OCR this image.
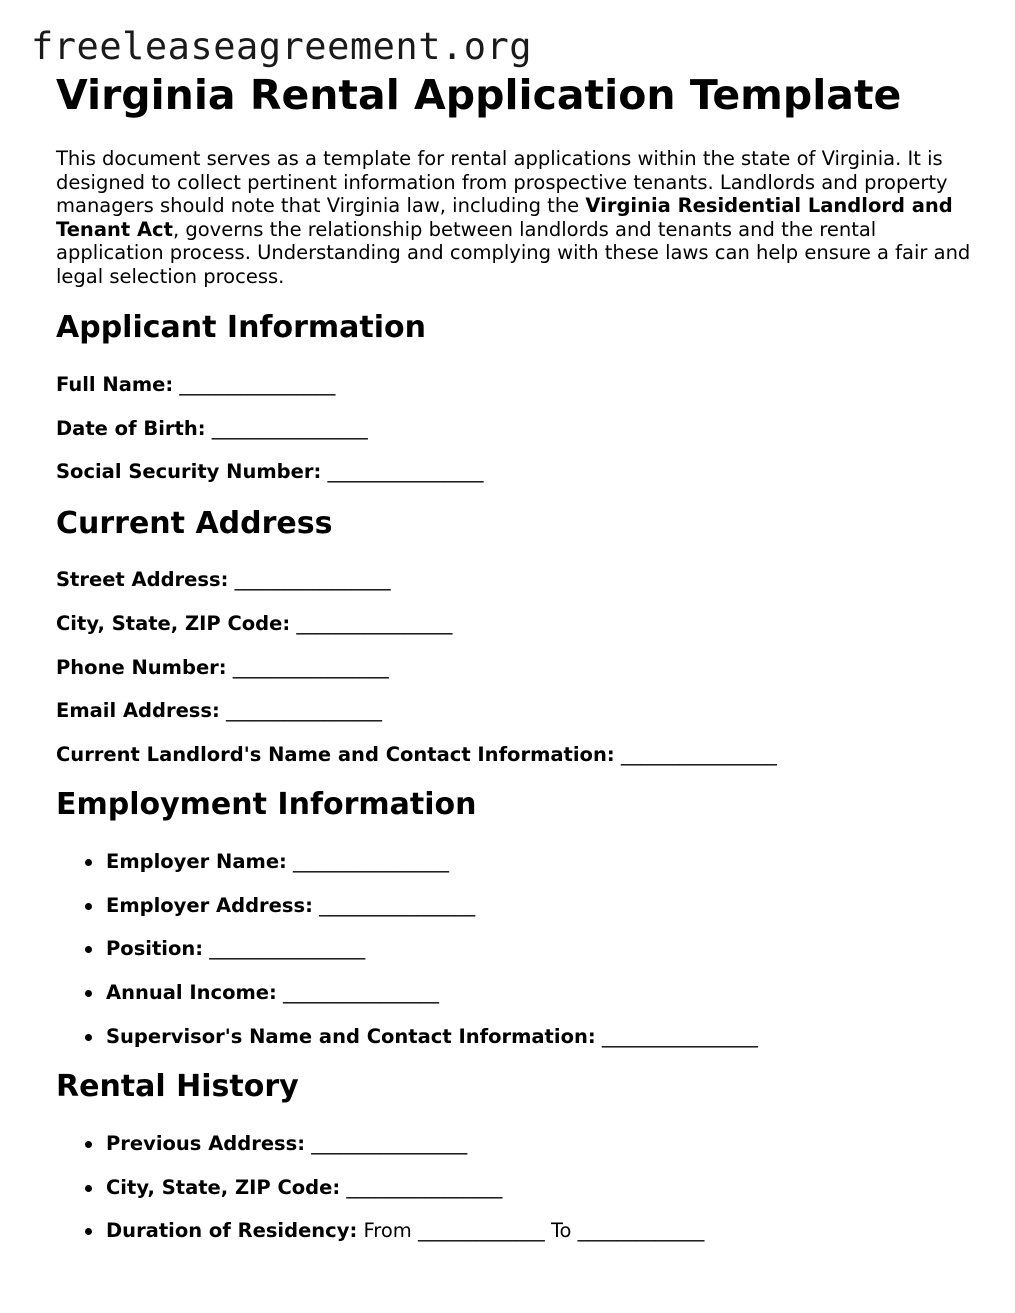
freeleaseagreement.org
Virginia Rental Application Template

This document serves as a template for rental applications within the state of Virginia. It is designed to collect pertinent information from prospective tenants. Landlords and property managers should note that Virginia law, including the Virginia Residential Landlord and Tenant Act, governs the relationship between landlords and tenants and the rental application process. Understanding and complying with these laws can help ensure a fair and legal selection process.

Applicant Information

Full Name: ________________

Date of Birth: ________________

Social Security Number: ________________

Current Address

Street Address: ________________

City, State, ZIP Code: ________________

Phone Number: ________________

Email Address: ________________

Current Landlord's Name and Contact Information: ________________

Employment Information

Employer Name: ________________

Employer Address: ________________

Position: ________________

Annual Income: ________________

Supervisor's Name and Contact Information: ________________

Rental History

Previous Address: ________________

City, State, ZIP Code: ________________

Duration of Residency: From _____________ To _____________
